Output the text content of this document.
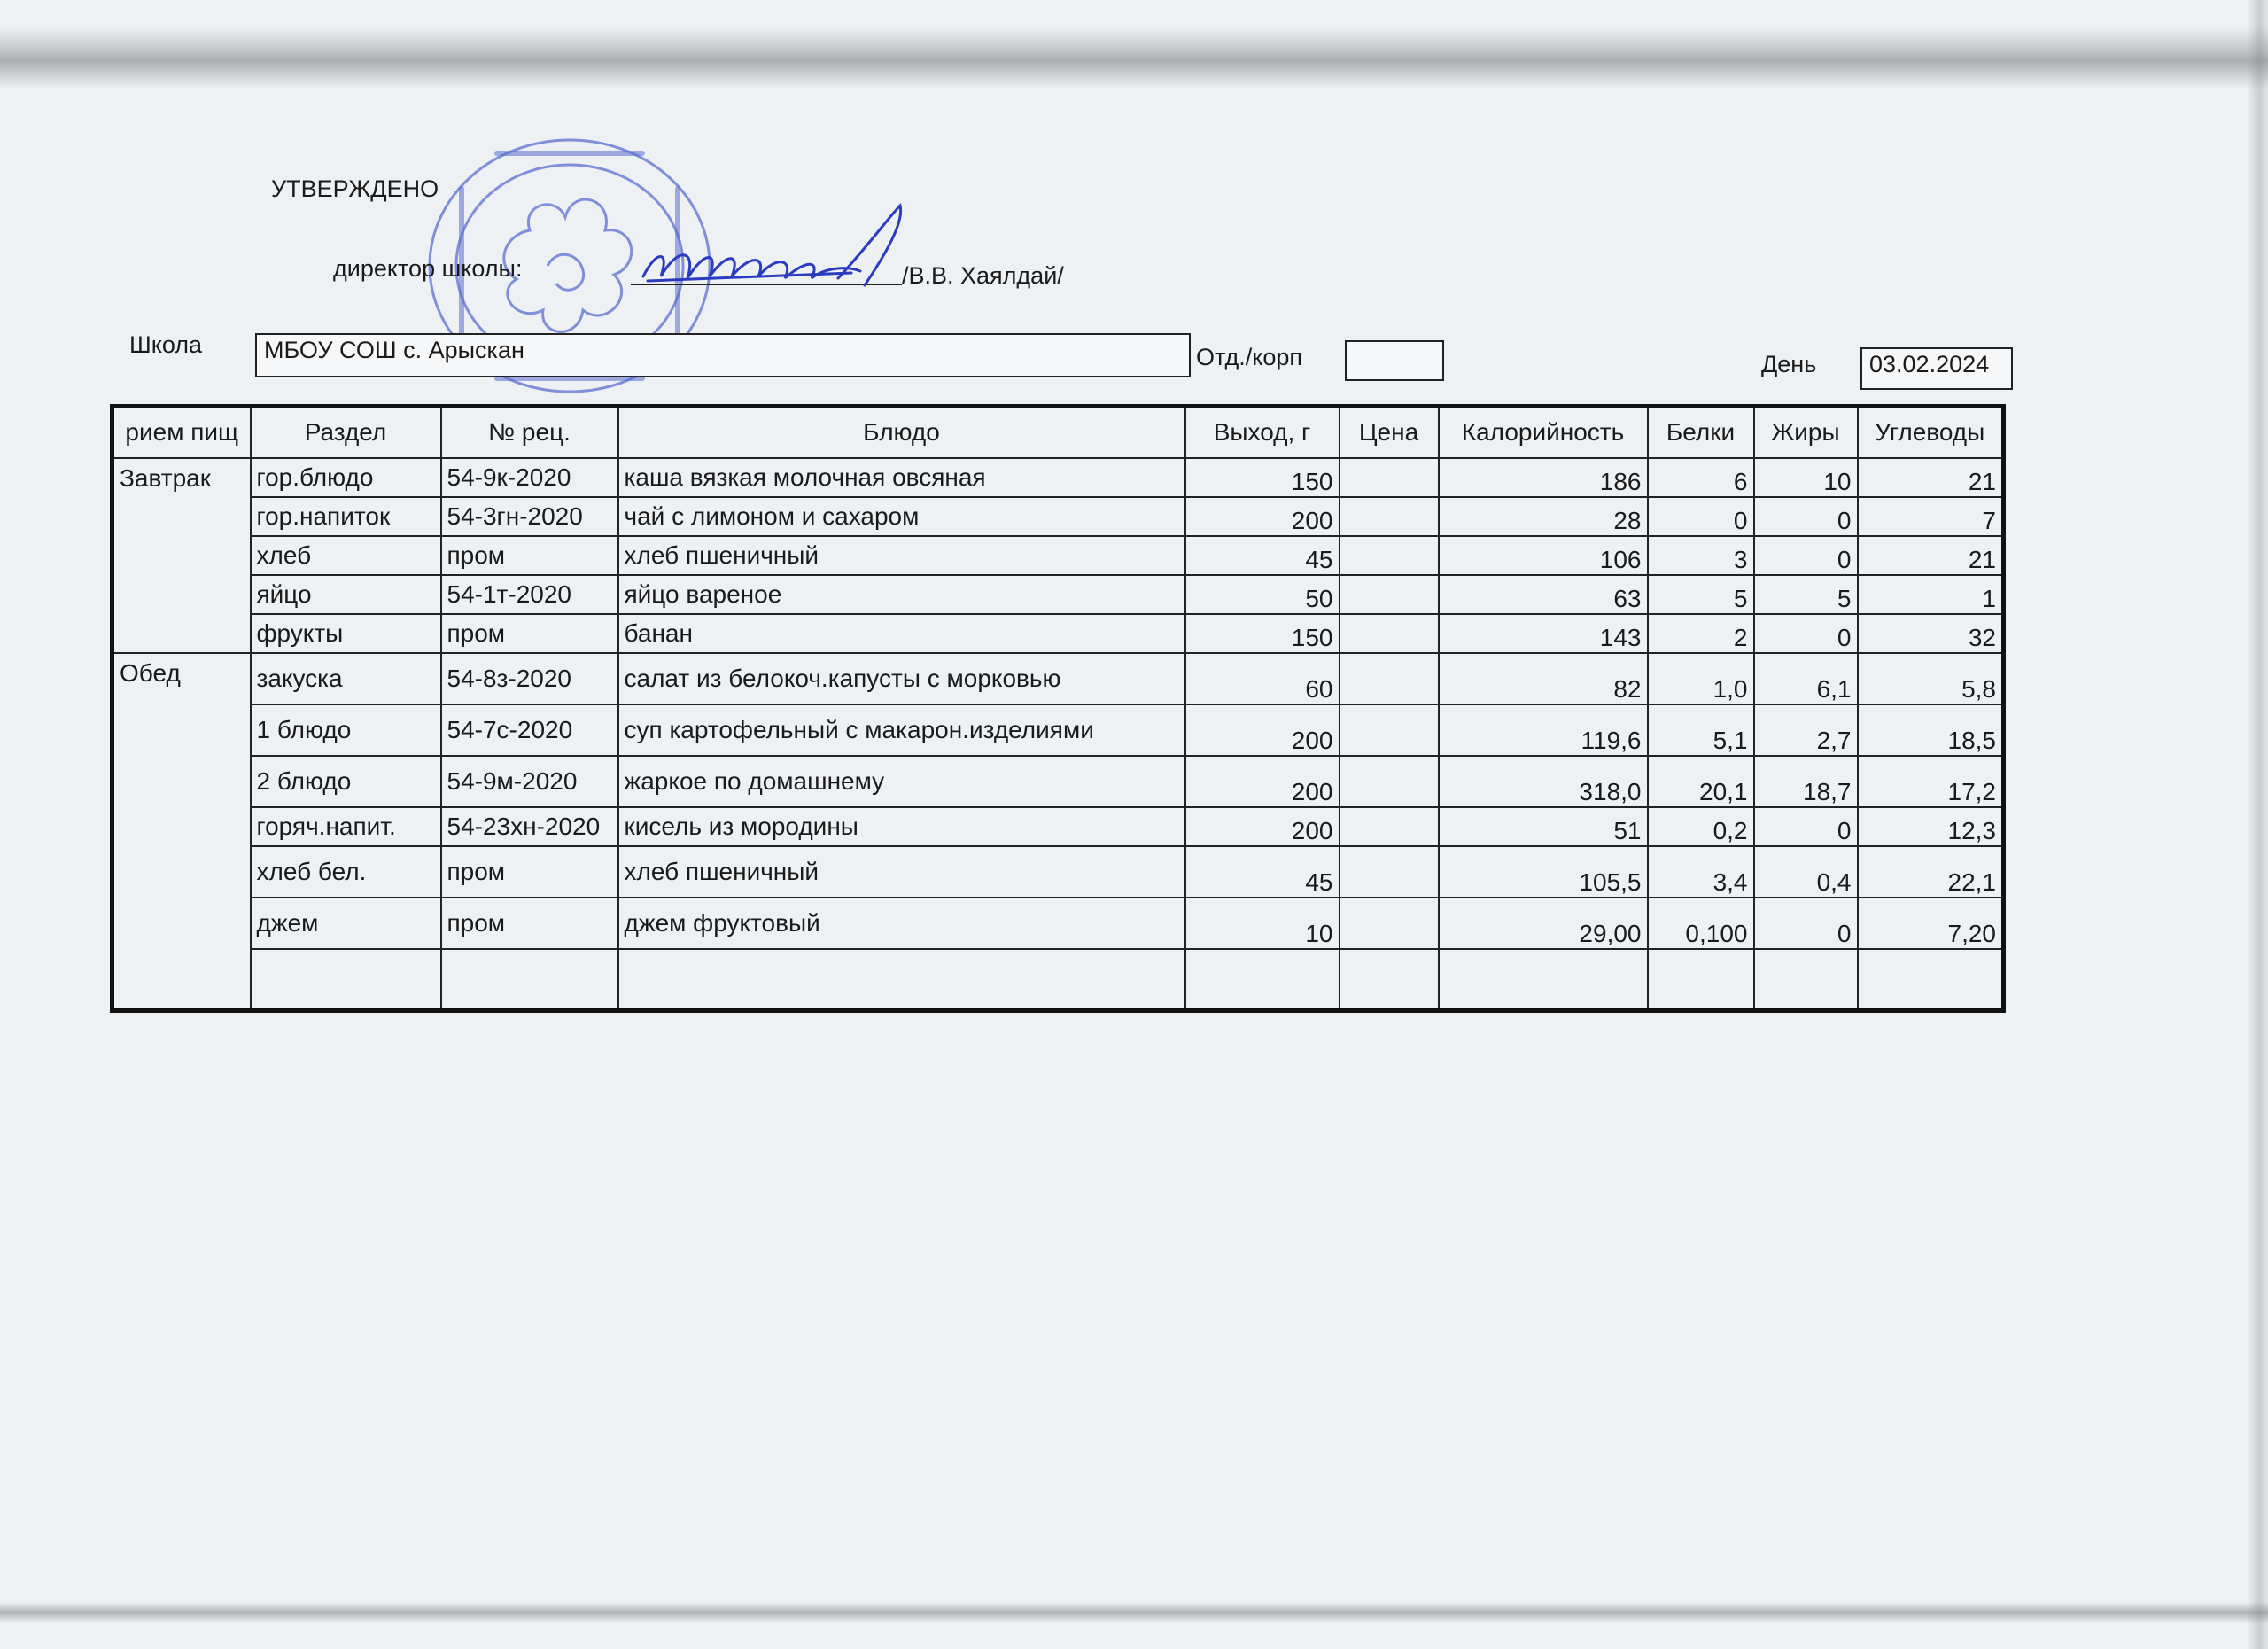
УТВЕРЖДЕНО
директор школы:	/В.В. Хаялдай/
Школа	МБОУ СОШ с. Арыскан	Отд./корп	День	03.02.2024
риeм пищ	Раздел	№ рец.	Блюдо	Выход, г	Цена	Калорийность	Белки	Жиры	Углеводы
Завтрак	гор.блюдо	54-9к-2020	каша вязкая молочная овсяная	150		186	6	10	21
	гор.напиток	54-3гн-2020	чай с лимоном и сахаром	200		28	0	0	7
	хлеб	пром	хлеб пшеничный	45		106	3	0	21
	яйцо	54-1т-2020	яйцо вареное	50		63	5	5	1
	фрукты	пром	банан	150		143	2	0	32
Обед	закуска	54-8з-2020	салат из белокоч.капусты с морковью	60		82	1,0	6,1	5,8
	1 блюдо	54-7с-2020	суп картофельный с макарон.изделиями	200		119,6	5,1	2,7	18,5
	2 блюдо	54-9м-2020	жаркое по домашнему	200		318,0	20,1	18,7	17,2
	горяч.напит.	54-23хн-2020	кисель из мородины	200		51	0,2	0	12,3
	хлеб бел.	пром	хлеб пшеничный	45		105,5	3,4	0,4	22,1
	джем	пром	джем фруктовый	10		29,00	0,100	0	7,20
